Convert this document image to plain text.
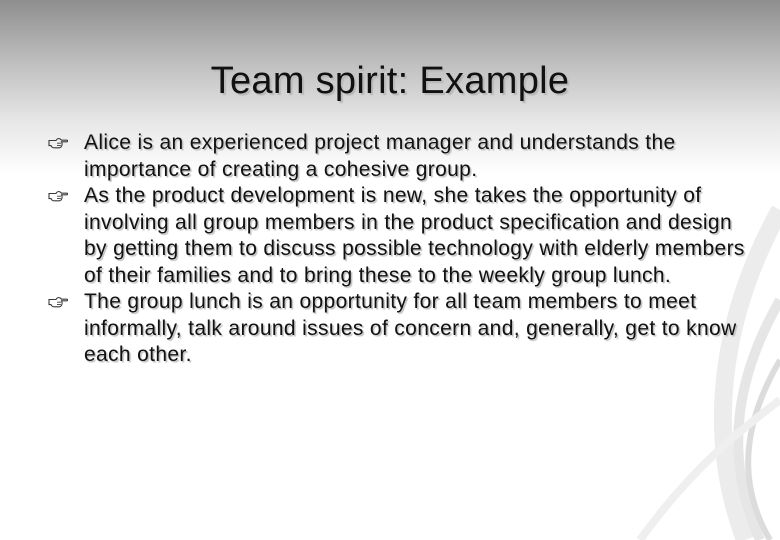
Team spirit: Example
Alice is an experienced project manager and understands the importance of creating a cohesive group.
As the product development is new, she takes the opportunity of involving all group members in the product specification and design by getting them to discuss possible technology with elderly members of their families and to bring these to the weekly group lunch.
The group lunch is an opportunity for all team members to meet informally, talk around issues of concern and, generally, get to know each other.
